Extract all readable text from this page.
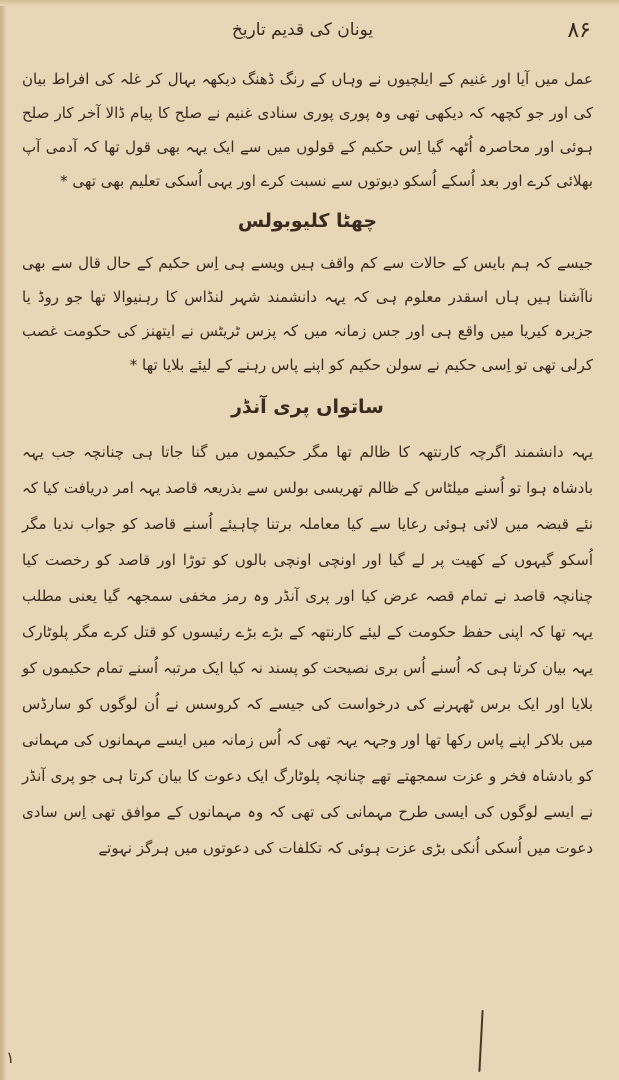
۸۶
یونان کی قدیم تاریخ

عمل میں آیا اور غنیم کے ایلچیوں نے وہاں کے رنگ ڈھنگ دیکھہ بہال کر غلہ کی افراط بیان کی اور جو کچھہ کہ دیکھی تھی وہ پوری پوری سنادی غنیم نے صلح کا پیام ڈالا آخر کار صلح ہوئی اور محاصرہ اُٹھہ گیا اِس حکیم کے قولوں میں سے ایک یہہ بھی قول تھا کہ آدمی آپ بھلائی کرے اور بعد اُسکے اُسکو دیوتوں سے نسبت کرے اور یہی اُسکی تعلیم بھی تھی *

چھٹا کلیوبولس

جیسے کہ ہم بایس کے حالات سے کم واقف ہیں ویسے ہی اِس حکیم کے حال قال سے بھی ناآشنا ہیں ہاں اسقدر معلوم ہی کہ یہہ دانشمند شہر لنڈاس کا رہنیوالا تھا جو روڈ یا جزیرہ کیریا میں واقع ہی اور جس زمانہ میں کہ پزس ٹریٹس نے ایتھنز کی حکومت غصب کرلی تھی تو اِسی حکیم نے سولن حکیم کو اپنے پاس رہنے کے لیئے بلایا تھا *

ساتواں پری آنڈر

یہہ دانشمند اگرچہ کارنتھہ کا ظالم تھا مگر حکیموں میں گنا جاتا ہی چنانچہ جب یہہ بادشاہ ہوا تو اُسنے میلٹاس کے ظالم تھریسی بولس سے بذریعہ قاصد یہہ امر دریافت کیا کہ نئے قبضہ میں لائی ہوئی رعایا سے کیا معاملہ برتنا چاہیئے اُسنے قاصد کو جواب ندیا مگر اُسکو گیہوں کے کھیت پر لے گیا اور اونچی اونچی بالوں کو توڑا اور قاصد کو رخصت کیا چنانچہ قاصد نے تمام قصہ عرض کیا اور پری آنڈر وہ رمز مخفی سمجھہ گیا یعنی مطلب یہہ تھا کہ اپنی حفظ حکومت کے لیئے کارنتھہ کے بڑے بڑے رئیسوں کو قتل کرے مگر پلوٹارک یہہ بیان کرتا ہی کہ اُسنے اُس بری نصیحت کو پسند نہ کیا ایک مرتبہ اُسنے تمام حکیموں کو بلایا اور ایک برس ٹھہرنے کی درخواست کی جیسے کہ کروسس نے اُن لوگوں کو سارڈس میں بلاکر اپنے پاس رکھا تھا اور وجہہ یہہ تھی کہ اُس زمانہ میں ایسے مہمانوں کی مہمانی کو بادشاہ فخر و عزت سمجھتے تھے چنانچہ پلوٹارگ ایک دعوت کا بیان کرتا ہی جو پری آنڈر نے ایسے لوگوں کی ایسی طرح مہمانی کی تھی کہ وہ مہمانوں کے موافق تھی اِس سادی دعوت میں اُسکی اُنکی بڑی عزت ہوئی کہ تکلفات کی دعوتوں میں ہرگز نہوتے

۱
